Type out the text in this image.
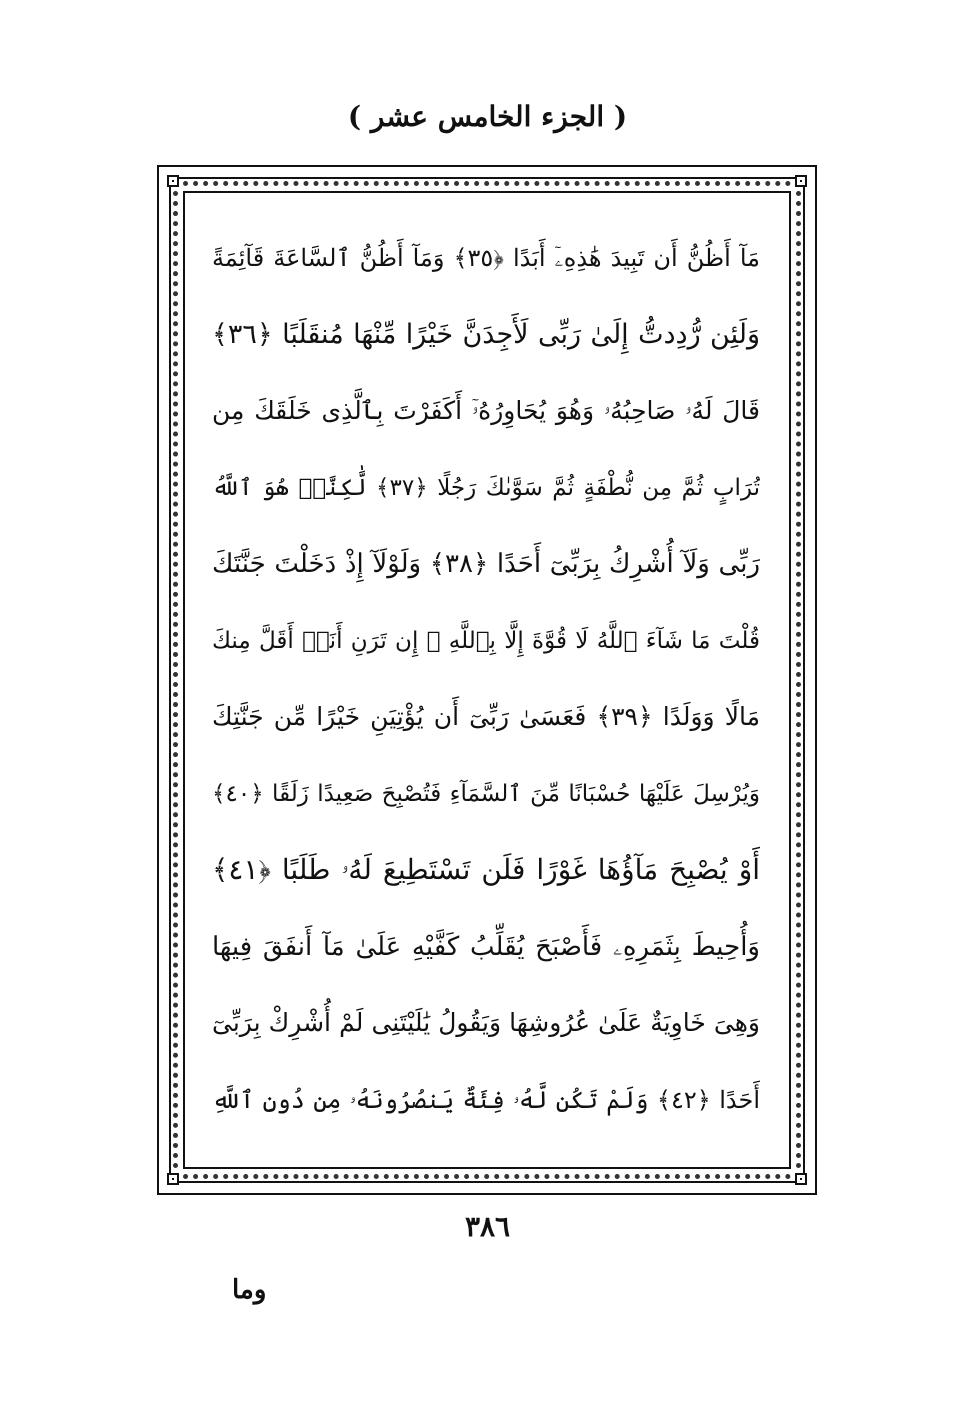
( الجزء الخامس عشر )
مَآ أَظُنُّ أَن تَبِيدَ هَٰذِهِۦٓ أَبَدًا ﴿٣٥﴾ وَمَآ أَظُنُّ ٱلسَّاعَةَ قَآئِمَةً
وَلَئِن رُّدِدتُّ إِلَىٰ رَبِّى لَأَجِدَنَّ خَيْرًا مِّنْهَا مُنقَلَبًا ﴿٣٦﴾
قَالَ لَهُۥ صَاحِبُهُۥ وَهُوَ يُحَاوِرُهُۥٓ أَكَفَرْتَ بِٱلَّذِى خَلَقَكَ مِن
تُرَابٍ ثُمَّ مِن نُّطْفَةٍ ثُمَّ سَوَّىٰكَ رَجُلًا ﴿٣٧﴾ لَّٰكِنَّا۠ هُوَ ٱللَّهُ
رَبِّى وَلَآ أُشْرِكُ بِرَبِّىٓ أَحَدًا ﴿٣٨﴾ وَلَوْلَآ إِذْ دَخَلْتَ جَنَّتَكَ
قُلْتَ مَا شَآءَ ٱللَّهُ لَا قُوَّةَ إِلَّا بِٱللَّهِ ۚ إِن تَرَنِ أَنَا۠ أَقَلَّ مِنكَ
مَالًا وَوَلَدًا ﴿٣٩﴾ فَعَسَىٰ رَبِّىٓ أَن يُؤْتِيَنِ خَيْرًا مِّن جَنَّتِكَ
وَيُرْسِلَ عَلَيْهَا حُسْبَانًا مِّنَ ٱلسَّمَآءِ فَتُصْبِحَ صَعِيدًا زَلَقًا ﴿٤٠﴾
أَوْ يُصْبِحَ مَآؤُهَا غَوْرًا فَلَن تَسْتَطِيعَ لَهُۥ طَلَبًا ﴿٤١﴾
وَأُحِيطَ بِثَمَرِهِۦ فَأَصْبَحَ يُقَلِّبُ كَفَّيْهِ عَلَىٰ مَآ أَنفَقَ فِيهَا
وَهِىَ خَاوِيَةٌ عَلَىٰ عُرُوشِهَا وَيَقُولُ يَٰلَيْتَنِى لَمْ أُشْرِكْ بِرَبِّىٓ
أَحَدًا ﴿٤٢﴾ وَلَمْ تَكُن لَّهُۥ فِئَةٌ يَنصُرُونَهُۥ مِن دُونِ ٱللَّهِ
٣٨٦
وما
